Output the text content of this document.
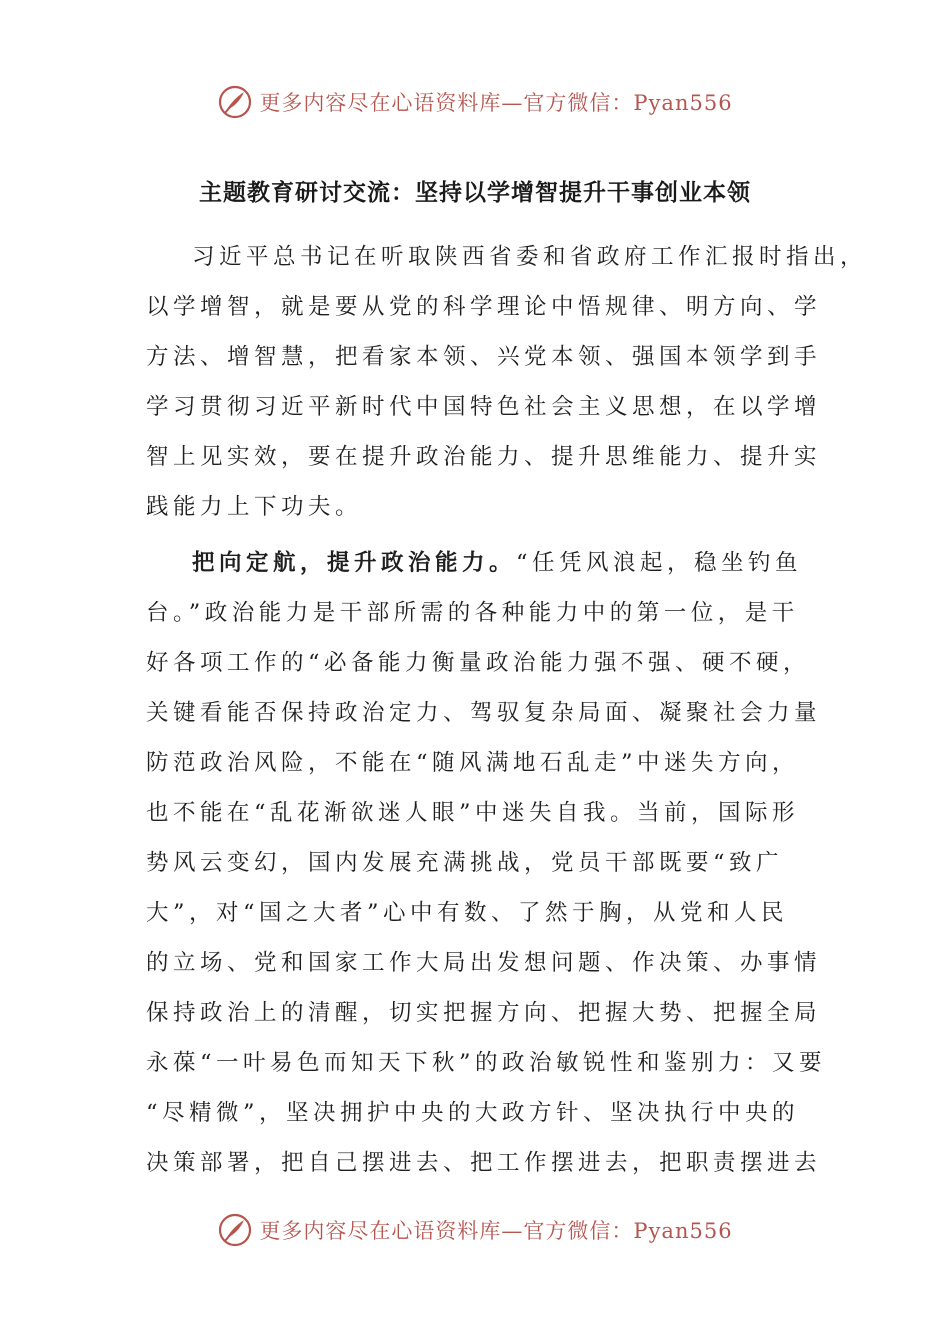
更多内容尽在心语资料库—官方微信：Pyan556
主题教育研讨交流：坚持以学增智提升干事创业本领
习近平总书记在听取陕西省委和省政府工作汇报时指出，
以学增智，就是要从党的科学理论中悟规律、明方向、学
方法、增智慧，把看家本领、兴党本领、强国本领学到手
学习贯彻习近平新时代中国特色社会主义思想，在以学增
智上见实效，要在提升政治能力、提升思维能力、提升实
践能力上下功夫。
把向定航，提升政治能力。“任凭风浪起，稳坐钓鱼
台。”政治能力是干部所需的各种能力中的第一位，是干
好各项工作的“必备能力衡量政治能力强不强、硬不硬，
关键看能否保持政治定力、驾驭复杂局面、凝聚社会力量
防范政治风险，不能在“随风满地石乱走”中迷失方向，
也不能在“乱花渐欲迷人眼”中迷失自我。当前，国际形
势风云变幻，国内发展充满挑战，党员干部既要“致广
大”，对“国之大者”心中有数、了然于胸，从党和人民
的立场、党和国家工作大局出发想问题、作决策、办事情
保持政治上的清醒，切实把握方向、把握大势、把握全局
永葆“一叶易色而知天下秋”的政治敏锐性和鉴别力：又要
“尽精微”，坚决拥护中央的大政方针、坚决执行中央的
决策部署，把自己摆进去、把工作摆进去，把职责摆进去
更多内容尽在心语资料库—官方微信：Pyan556
